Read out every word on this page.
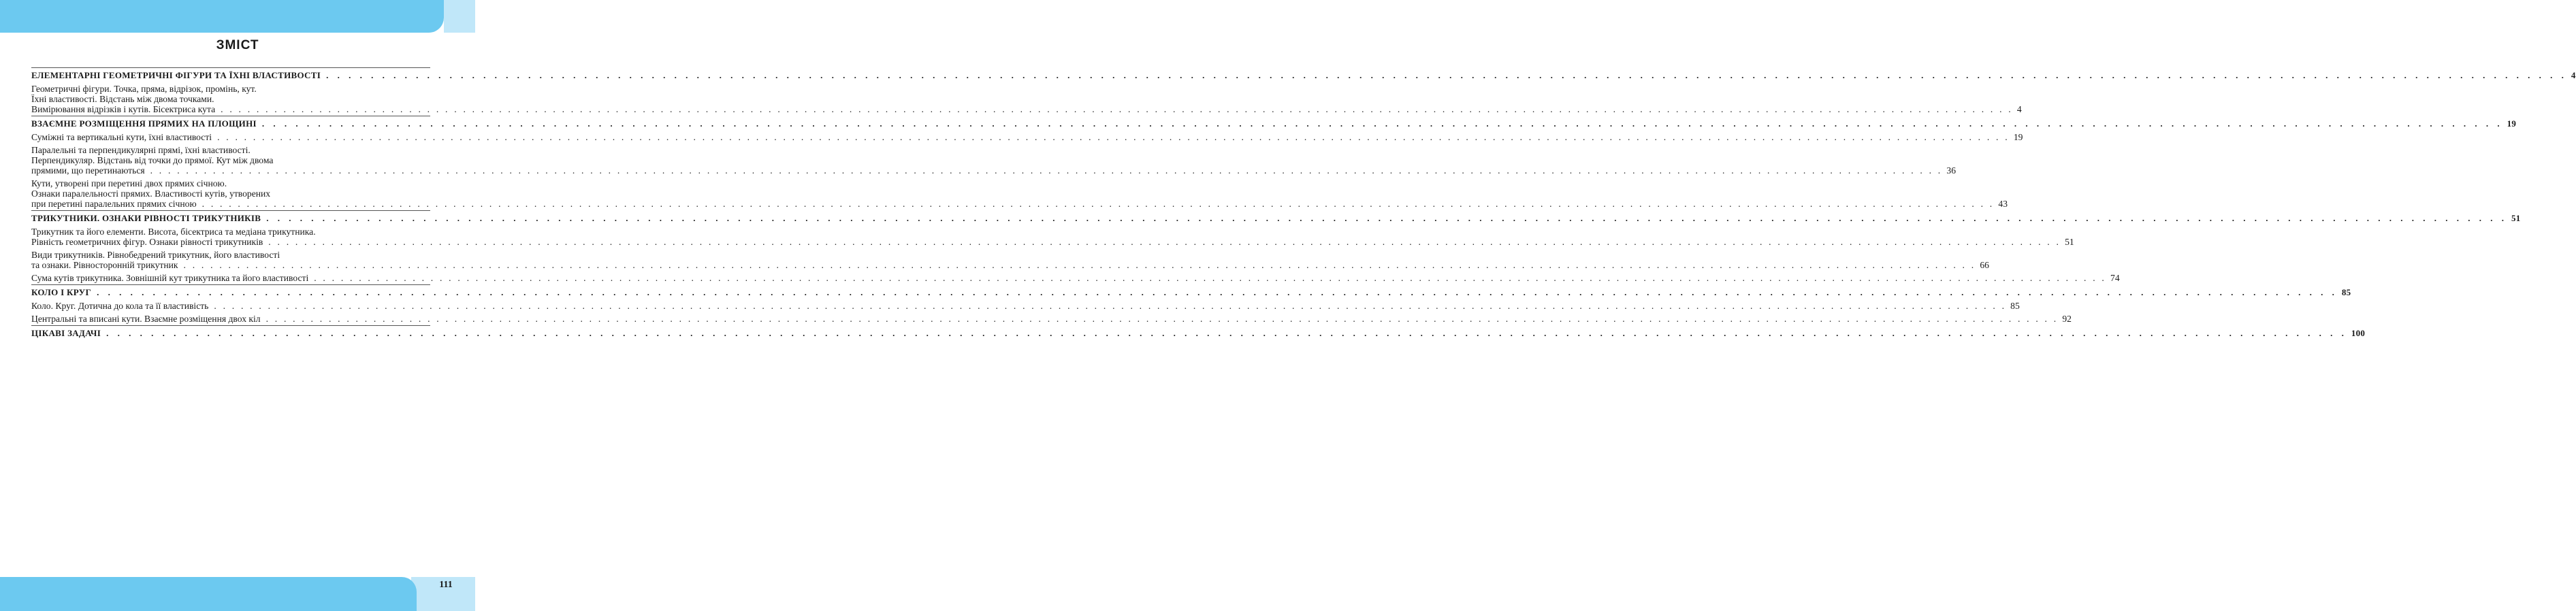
ЗМІСТ
ЕЛЕМЕНТАРНІ ГЕОМЕТРИЧНІ ФІГУРИ ТА ЇХНІ ВЛАСТИВОСТІ . . . . . . . . . . . . . . . . . . . . . . . . . . . . . . . . . . . . . . . . . . . . . . . . . . . . . . . . . . . . . . . . . . . . . . . . . . . . . . . . . . . . . . . . . . . . . . . . . . . . . . . . . . . . . . . . . . . . . . . . . . . . . . . . . . . . . . . . . . . . . . . . . . . . . . . . . . . . . . . . . . . . . . . . . . . . . . . . . . . . . . . . . . . . . . . . . . . . . . . . 4
Геометричні фігури. Точка, пряма, відрізок, промінь, кут.
Їхні властивості. Відстань між двома точками.
Вимірювання відрізків і кутів. Бісектриса кута . . . . . . . . . . . . . . . . . . . . . . . . . . . . . . . . . . . . . . . . . . . . . . . . . . . . . . . . . . . . . . . . . . . . . . . . . . . . . . . . . . . . . . . . . . . . . . . . . . . . . . . . . . . . . . . . . . . . . . . . . . . . . . . . . . . . . . . . . . . . . . . . . . . . . . . . . . . . . . . . . . . . . . . . . . . . . . . . . . . . . . . . . . . . . . . . . . . . . . . . 4
ВЗАЄМНЕ РОЗМІЩЕННЯ ПРЯМИХ НА ПЛОЩИНІ . . . . . . . . . . . . . . . . . . . . . . . . . . . . . . . . . . . . . . . . . . . . . . . . . . . . . . . . . . . . . . . . . . . . . . . . . . . . . . . . . . . . . . . . . . . . . . . . . . . . . . . . . . . . . . . . . . . . . . . . . . . . . . . . . . . . . . . . . . . . . . . . . . . . . . . . . . . . . . . . . . . . . . . . . . . . . . . . . . . . . . . . . . . . . . . . . . . . . . . . 19
Суміжні та вертикальні кути, їхні властивості . . . . . . . . . . . . . . . . . . . . . . . . . . . . . . . . . . . . . . . . . . . . . . . . . . . . . . . . . . . . . . . . . . . . . . . . . . . . . . . . . . . . . . . . . . . . . . . . . . . . . . . . . . . . . . . . . . . . . . . . . . . . . . . . . . . . . . . . . . . . . . . . . . . . . . . . . . . . . . . . . . . . . . . . . . . . . . . . . . . . . . . . . . . . . . . . . . . . . . . . 19
Паралельні та перпендикулярні прямі, їхні властивості.
Перпендикуляр. Відстань від точки до прямої. Кут між двома
прямими, що перетинаються . . . . . . . . . . . . . . . . . . . . . . . . . . . . . . . . . . . . . . . . . . . . . . . . . . . . . . . . . . . . . . . . . . . . . . . . . . . . . . . . . . . . . . . . . . . . . . . . . . . . . . . . . . . . . . . . . . . . . . . . . . . . . . . . . . . . . . . . . . . . . . . . . . . . . . . . . . . . . . . . . . . . . . . . . . . . . . . . . . . . . . . . . . . . . . . . . . . . . . . . 36
Кути, утворені при перетині двох прямих січною.
Ознаки паралельності прямих. Властивості кутів, утворених
при перетині паралельних прямих січною . . . . . . . . . . . . . . . . . . . . . . . . . . . . . . . . . . . . . . . . . . . . . . . . . . . . . . . . . . . . . . . . . . . . . . . . . . . . . . . . . . . . . . . . . . . . . . . . . . . . . . . . . . . . . . . . . . . . . . . . . . . . . . . . . . . . . . . . . . . . . . . . . . . . . . . . . . . . . . . . . . . . . . . . . . . . . . . . . . . . . . . . . . . . . . . . . . . . . . . . 43
ТРИКУТНИКИ. ОЗНАКИ РІВНОСТІ ТРИКУТНИКІВ . . . . . . . . . . . . . . . . . . . . . . . . . . . . . . . . . . . . . . . . . . . . . . . . . . . . . . . . . . . . . . . . . . . . . . . . . . . . . . . . . . . . . . . . . . . . . . . . . . . . . . . . . . . . . . . . . . . . . . . . . . . . . . . . . . . . . . . . . . . . . . . . . . . . . . . . . . . . . . . . . . . . . . . . . . . . . . . . . . . . . . . . . . . . . . . . . . . . . . . . 51
Трикутник та його елементи. Висота, бісектриса та медіана трикутника.
Рівність геометричних фігур. Ознаки рівності трикутників . . . . . . . . . . . . . . . . . . . . . . . . . . . . . . . . . . . . . . . . . . . . . . . . . . . . . . . . . . . . . . . . . . . . . . . . . . . . . . . . . . . . . . . . . . . . . . . . . . . . . . . . . . . . . . . . . . . . . . . . . . . . . . . . . . . . . . . . . . . . . . . . . . . . . . . . . . . . . . . . . . . . . . . . . . . . . . . . . . . . . . . . . . . . . . . . . . . . . . . . 51
Види трикутників. Рівнобедрений трикутник, його властивості
та ознаки. Рівносторонній трикутник . . . . . . . . . . . . . . . . . . . . . . . . . . . . . . . . . . . . . . . . . . . . . . . . . . . . . . . . . . . . . . . . . . . . . . . . . . . . . . . . . . . . . . . . . . . . . . . . . . . . . . . . . . . . . . . . . . . . . . . . . . . . . . . . . . . . . . . . . . . . . . . . . . . . . . . . . . . . . . . . . . . . . . . . . . . . . . . . . . . . . . . . . . . . . . . . . . . . . . . . 66
Сума кутів трикутника. Зовнішній кут трикутника та його властивості . . . . . . . . . . . . . . . . . . . . . . . . . . . . . . . . . . . . . . . . . . . . . . . . . . . . . . . . . . . . . . . . . . . . . . . . . . . . . . . . . . . . . . . . . . . . . . . . . . . . . . . . . . . . . . . . . . . . . . . . . . . . . . . . . . . . . . . . . . . . . . . . . . . . . . . . . . . . . . . . . . . . . . . . . . . . . . . . . . . . . . . . . . . . . . . . . . . . . . . . 74
КОЛО І КРУГ . . . . . . . . . . . . . . . . . . . . . . . . . . . . . . . . . . . . . . . . . . . . . . . . . . . . . . . . . . . . . . . . . . . . . . . . . . . . . . . . . . . . . . . . . . . . . . . . . . . . . . . . . . . . . . . . . . . . . . . . . . . . . . . . . . . . . . . . . . . . . . . . . . . . . . . . . . . . . . . . . . . . . . . . . . . . . . . . . . . . . . . . . . . . . . . . . . . . . . . . 85
Коло. Круг. Дотична до кола та її властивість . . . . . . . . . . . . . . . . . . . . . . . . . . . . . . . . . . . . . . . . . . . . . . . . . . . . . . . . . . . . . . . . . . . . . . . . . . . . . . . . . . . . . . . . . . . . . . . . . . . . . . . . . . . . . . . . . . . . . . . . . . . . . . . . . . . . . . . . . . . . . . . . . . . . . . . . . . . . . . . . . . . . . . . . . . . . . . . . . . . . . . . . . . . . . . . . . . . . . . . . 85
Центральні та вписані кути. Взаємне розміщення двох кіл . . . . . . . . . . . . . . . . . . . . . . . . . . . . . . . . . . . . . . . . . . . . . . . . . . . . . . . . . . . . . . . . . . . . . . . . . . . . . . . . . . . . . . . . . . . . . . . . . . . . . . . . . . . . . . . . . . . . . . . . . . . . . . . . . . . . . . . . . . . . . . . . . . . . . . . . . . . . . . . . . . . . . . . . . . . . . . . . . . . . . . . . . . . . . . . . . . . . . . . . 92
ЦІКАВІ ЗАДАЧІ . . . . . . . . . . . . . . . . . . . . . . . . . . . . . . . . . . . . . . . . . . . . . . . . . . . . . . . . . . . . . . . . . . . . . . . . . . . . . . . . . . . . . . . . . . . . . . . . . . . . . . . . . . . . . . . . . . . . . . . . . . . . . . . . . . . . . . . . . . . . . . . . . . . . . . . . . . . . . . . . . . . . . . . . . . . . . . . . . . . . . . . . . . . . . . . . . . . . . . . . 100
111
